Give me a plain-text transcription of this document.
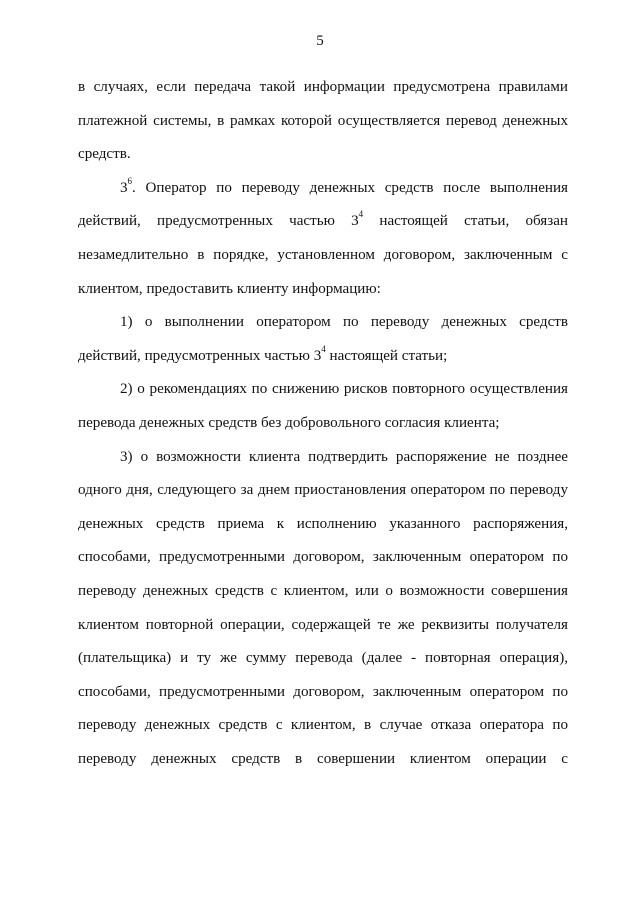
5

в случаях, если передача такой информации предусмотрена правилами платежной системы, в рамках которой осуществляется перевод денежных средств.

$3^6$. Оператор по переводу денежных средств после выполнения действий, предусмотренных частью $3^4$ настоящей статьи, обязан незамедлительно в порядке, установленном договором, заключенным с клиентом, предоставить клиенту информацию:

1) о выполнении оператором по переводу денежных средств действий, предусмотренных частью $3^4$ настоящей статьи;

2) о рекомендациях по снижению рисков повторного осуществления перевода денежных средств без добровольного согласия клиента;

3) о возможности клиента подтвердить распоряжение не позднее одного дня, следующего за днем приостановления оператором по переводу денежных средств приема к исполнению указанного распоряжения, способами, предусмотренными договором, заключенным оператором по переводу денежных средств с клиентом, или о возможности совершения клиентом повторной операции, содержащей те же реквизиты получателя (плательщика) и ту же сумму перевода (далее - повторная операция), способами, предусмотренными договором, заключенным оператором по переводу денежных средств с клиентом, в случае отказа оператора по переводу денежных средств в совершении клиентом операции с
